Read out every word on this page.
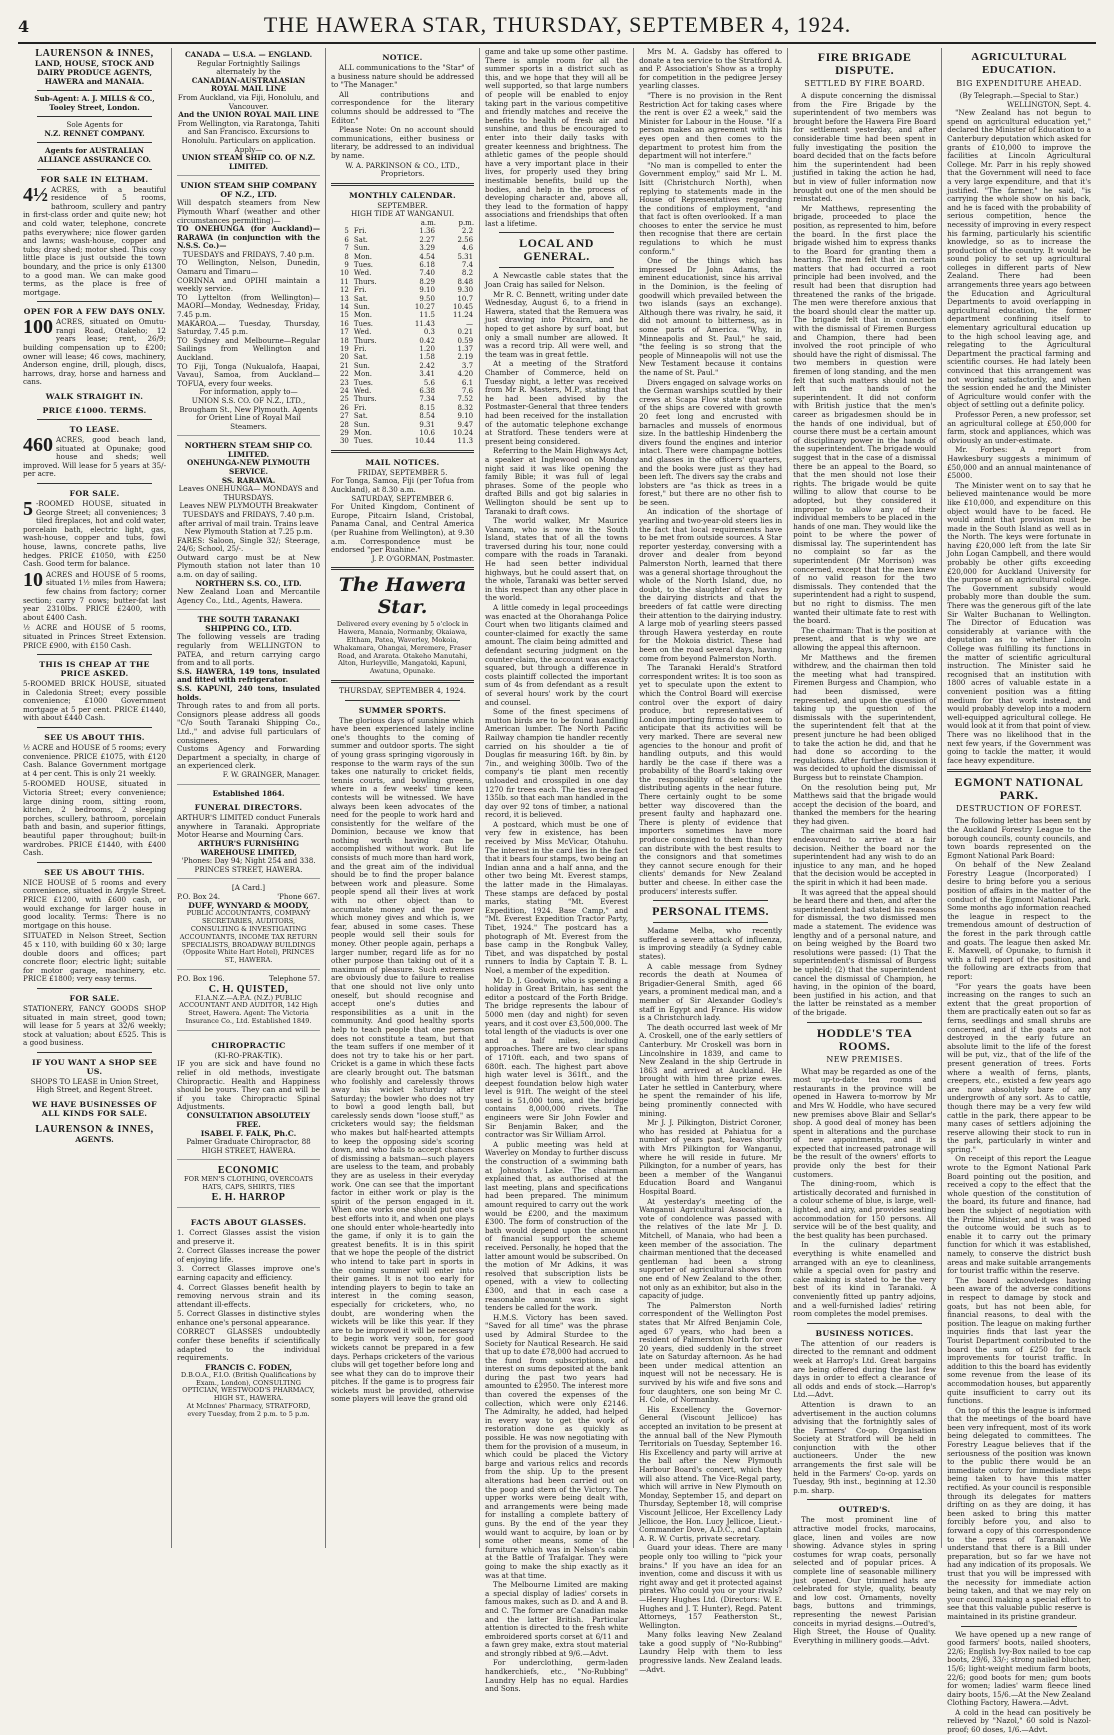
4	THE HAWERA STAR, THURSDAY, SEPTEMBER 4, 1924.
LAURENSON & INNES,
LAND, HOUSE, STOCK AND DAIRY PRODUCE AGENTS,
HAWERA and MANAIA.

Sub-Agent: A. J. MILLS & CO., Tooley Street, London.

Sole Agents for

N.Z. RENNET COMPANY.

Agents for AUSTRALIAN ALLIANCE ASSURANCE CO.

FOR SALE IN ELTHAM.

4½ ACRES, with a beautiful residence of 5 rooms, bathroom, scullery and pantry in first-class order and quite new; hot and cold water, telephone, concrete paths everywhere; nice flower garden and lawns; wash-house, copper and tubs; dray shed; motor shed. This cosy little place is just outside the town boundary, and the price is only £1300 to a good man. We can make good terms, as the place is free of mortgage.

OPEN FOR A FEW DAYS ONLY.

100 ACRES, situated on Omutu-rangi Road, Otakeho; 12 years lease; rent, 26/9; building compensation up to £200; owner will lease; 46 cows, machinery, Anderson engine, drill, plough, discs, harrows, dray, horse and harness and cans.

WALK STRAIGHT IN.
PRICE £1000. TERMS.
TO LEASE.

460 ACRES, good beach land, situated at Opunake; good house and sheds; well improved. Will lease for 5 years at 35/- per acre.

FOR SALE.

5 -ROOMED HOUSE, situated in George Street; all conveniences; 3 tiled fireplaces, hot and cold water, porcelain bath, electric light, gas, wash-house, copper and tubs, fowl house, lawns, concrete paths, live hedges. PRICE £1050, with £250 Cash. Good term for balance.

10 ACRES and HOUSE of 5 rooms, situated 1½ miles from Hawera; few chains from factory; corner section; carry 7 cows; butter-fat last year 2310lbs. PRICE £2400, with about £400 Cash.

½ ACRE and HOUSE of 5 rooms, situated in Princes Street Extension. PRICE £900, with £150 Cash.

THIS IS CHEAP AT THE PRICE ASKED.

5-ROOMED BRICK HOUSE, situated in Caledonia Street; every possible convenience; £1000 Government mortgage at 5 per cent. PRICE £1440, with about £440 Cash.

SEE US ABOUT THIS.

½ ACRE and HOUSE of 5 rooms; every convenience. PRICE £1075, with £120 Cash. Balance Government mortgage at 4 per cent. This is only 21 weekly.

5-ROOMED HOUSE, situated in Victoria Street; every convenience; large dining room, sitting room, kitchen, 2 bedrooms, 2 sleeping porches, scullery, bathroom, porcelain bath and basin, and superior fittings, beautiful paper throughout; built-in wardrobes. PRICE £1440, with £400 Cash.

SEE US ABOUT THIS.

NICE HOUSE of 5 rooms and every convenience, situated in Argyle Street. PRICE £1200, with £600 cash, or would exchange for larger house in good locality. Terms: There is no mortgage on this house.

SITUATED in Nelson Street, Section 45 x 110, with building 60 x 30; large double doors and offices; part concrete floor; electric light; suitable for motor garage, machinery, etc. PRICE £1800; very easy terms.

FOR SALE.

STATIONERY, FANCY GOODS SHOP situated in main street, good town; will lease for 5 years at 32/6 weekly; stock at valuation; about £525. This is a good business.

IF YOU WANT A SHOP SEE US.

SHOPS TO LEASE in Union Street, High Street, and Regent Street.

WE HAVE BUSINESSES OF ALL KINDS FOR SALE.
LAURENSON & INNES,
AGENTS.
CANADA — U.S.A. — ENGLAND.

Regular Fortnightly Sailings alternately by the

CANADIAN-AUSTRALASIAN ROYAL MAIL LINE

From Auckland, via Fiji, Honolulu, and Vancouver.

And the UNION ROYAL MAIL LINE

From Wellington, via Raratonga, Tahiti and San Francisco. Excursions to Honolulu. Particulars on application.

Apply—

UNION STEAM SHIP CO. OF N.Z. LIMITED.

UNION STEAM SHIP COMPANY OF N.Z., LTD.

Will despatch steamers from New Plymouth Wharf (weather and other circumstances permitting)—

TO ONEHUNGA (for Auckland)—RARAWA (in conjunction with the N.S.S. Co.)—

TUESDAYS and FRIDAYS, 7.40 p.m.

TO Wellington, Nelson, Dunedin, Oamaru and Timaru—

CORINNA and OPIHI maintain a weekly service.

TO Lyttelton (from Wellington)—MAORI—Monday, Wednesday, Friday, 7.45 p.m.

MAKAROA.— Tuesday, Thursday, Saturday, 7.45 p.m.

TO Sydney and Melbourne—Regular Sailings from Wellington and Auckland.

TO Fiji, Tonga (Nukualofa, Haapai, Vavau), Samoa, from Auckland—TOFUA, every four weeks.

For information, apply to—

UNION S.S. CO. OF N.Z., LTD., Brougham St., New Plymouth. Agents for Orient Line of Royal Mail Steamers.

NORTHERN STEAM SHIP CO. LIMITED.

ONEHUNGA-NEW PLYMOUTH SERVICE.

SS. RARAWA.

Leaves ONEHUNGA— MONDAYS and THURSDAYS.

Leaves NEW PLYMOUTH Breakwater TUESDAYS and FRIDAYS, 7.40 p.m. after arrival of mail train. Trains leave New Plymouth Station at 7.25 p.m.

FARES: Saloon, Single 32/; Steerage, 24/6; School, 25/-.

Outward cargo must be at New Plymouth station not later than 10 a.m. on day of sailing.

NORTHERN S.S. CO., LTD.

New Zealand Loan and Mercantile Agency Co., Ltd., Agents, Hawera.

THE SOUTH TARANAKI SHIPPING CO., LTD.

The following vessels are trading regularly from WELLINGTON to PATEA, and return carrying cargo from and to all ports.

S.S. HAWERA, 149 tons, insulated and fitted with refrigerator.

S.S. KAPUNI, 240 tons, insulated holds.

Through rates to and from all ports. Consignors please address all goods "C/o South Taranaki Shipping Co., Ltd.," and advise full particulars of consignees.

Customs Agency and Forwarding Department a specialty, in charge of an experienced clerk.

F. W. GRAINGER, Manager.

Established 1864.

FUNERAL DIRECTORS.

ARTHUR'S LIMITED conduct Funerals anywhere in Taranaki. Appropriate Motor Hearse and Mourning Cars.

ARTHUR'S FURNISHING WAREHOUSE LIMITED,

'Phones: Day 94; Night 254 and 338. PRINCES STREET, HAWERA.

[A Card.]

P.O. Box 24.	'Phone 667.
DUFF, WYNYARD & MOODY,

PUBLIC ACCOUNTANTS, COMPANY SECRETARIES, AUDITORS, CONSULTING & INVESTIGATING ACCOUNTANTS, INCOME TAX RETURN SPECIALISTS, BROADWAY BUILDINGS (Opposite White Hart Hotel), PRINCES ST., HAWERA.

P.O. Box 196.	Telephone 57.
C. H. QUISTED,

F.I.A.N.Z.—A.P.A. (N.Z.) PUBLIC ACCOUNTANT AND AUDITOR, 142 High Street, Hawera. Agent: The Victoria Insurance Co., Ltd. Established 1849.

CHIROPRACTIC

(KI-RO-PRAK-TIK).

IF you are sick and have found no relief in old methods, investigate Chiropractic. Health and Happiness should be yours. They can and will be if you take Chiropractic Spinal Adjustments.

CONSULTATION ABSOLUTELY FREE.

ISABEL F. FALK, Ph.C.

Palmer Graduate Chiropractor, 88 HIGH STREET, HAWERA.

ECONOMIC

FOR MEN'S CLOTHING, OVERCOATS HATS, CAPS, SHIRTS, TIES

E. H. HARROP
FACTS ABOUT GLASSES.
1. Correct Glasses assist the vision and preserve it.
2. Correct Glasses increase the power of enjoying life.
3. Correct Glasses improve one's earning capacity and efficiency.
4. Correct Glasses benefit health by removing nervous strain and its attendant ill-effects.
5. Correct Glasses in distinctive styles enhance one's personal appearance.

CORRECT GLASSES undoubtedly confer these benefits if scientifically adapted to the individual requirements.

FRANCIS C. FODEN,

D.B.O.A., F.I.O. (British Qualifications by Exam., London), CONSULTING OPTICIAN, WESTWOOD'S PHARMACY, HIGH ST., HAWERA.

At McInnes' Pharmacy, STRATFORD, every Tuesday, from 2 p.m. to 5 p.m.

NOTICE.

ALL communications to the "Star" of a business nature should be addressed to "The Manager."

All contributions and correspondence for the literary columns should be addressed to "The Editor."

Please Note: On no account should communications, either business or literary, be addressed to an individual by name.

W. A. PARKINSON & CO., LTD., Proprietors.

MONTHLY CALENDAR.

SEPTEMBER.

HIGH TIDE AT WANGANUI.

		a.m.	p.m.
5	Fri.	1.36	2.2
6	Sat.	2.27	2.56
7	Sun.	3.29	4.6
8	Mon.	4.54	5.31
9	Tues.	6.18	7.4
10	Wed.	7.40	8.2
11	Thurs.	8.29	8.48
12	Fri.	9.10	9.30
13	Sat.	9.50	10.7
14	Sun.	10.27	10.45
15	Mon.	11.5	11.24
16	Tues.	11.43	—
17	Wed.	0.3	0.21
18	Thurs.	0.42	0.59
19	Fri.	1.20	1.37
20	Sat.	1.58	2.19
21	Sun.	2.42	3.7
22	Mon.	3.41	4.20
23	Tues.	5.6	6.1
24	Wed.	6.38	7.6
25	Thurs.	7.34	7.52
26	Fri.	8.15	8.32
27	Sat.	8.54	9.10
28	Sun.	9.31	9.47
29	Mon.	10.6	10.24
30	Tues.	10.44	11.3
MAIL NOTICES.

FRIDAY, SEPTEMBER 5.

For Tonga, Samoa, Fiji (per Tofua from Auckland), at 8.30 a.m.

SATURDAY, SEPTEMBER 6.

For United Kingdom, Continent of Europe, Pitcairn Island, Cristobal, Panama Canal, and Central America (per Ruahine from Wellington), at 9.30 a.m. Correspondence must be endorsed "per Ruahine."

J. P. O'GORMAN, Postmaster.

The Hawera Star.

Delivered every evening by 5 o'clock in Hawera, Manaia, Normanby, Okaiawa, Eltham, Patea, Waverley, Mokoia, Whakamara, Ohangai, Meremere, Fraser Road, and Ararata. Otakeho Manutahi, Alton, Hurleyville, Mangatoki, Kapuni, Awatuna, Opunake.

THURSDAY, SEPTEMBER 4, 1924.

SUMMER SPORTS.

The glorious days of sunshine which have been experienced lately incline one's thoughts to the coming of summer and outdoor sports. The sight of young grass springing vigorously in response to the warm rays of the sun takes one naturally to cricket fields, tennis courts, and bowling greens, where in a few weeks' time keen contests will be witnessed. We have always been keen advocates of the need for the people to work hard and consistently for the welfare of the Dominion, because we know that nothing worth having can be accomplished without work. But life consists of much more than hard work, and the great aim of the individual should be to find the proper balance between work and pleasure. Some people spend all their lives at work with no other object than to accumulate money and the power which money gives and which is, we fear, abused in some cases. These people would sell their souls for money. Other people again, perhaps a larger number, regard life as for no other purpose than taking out of it a maximum of pleasure. Such extremes are obviously due to failure to realise that one should not live only unto oneself, but should recognise and accept one's duties and responsibilities as a unit in the community. And good healthy sports help to teach people that one person does not constitute a team, but that the team suffers if one member of it does not try to take his or her part. Cricket is a game in which these facts are clearly brought out. The batsman who foolishly and carelessly throws away his wicket Saturday after Saturday; the bowler who does not try to bowl a good length ball, but carelessly sends down "loose stuff," as cricketers would say; the fieldsman who makes but half-hearted attempts to keep the opposing side's scoring down, and who fails to accept chances of dismissing a batsman—such players are useless to the team, and probably they are as useless in their everyday work. One can see that the important factor in either work or play is the spirit of the person engaged in it. When one works one should put one's best efforts into it, and when one plays one should enter whole-heartedly into the game, if only it is to gain the greatest benefits. It is in this spirit that we hope the people of the district who intend to take part in sports in the coming summer will enter into their games. It is not too early for intending players to begin to take an interest in the coming season, especially for cricketers, who, no doubt, are wondering when the wickets will be like this year. If they are to be improved it will be necessary to begin work very soon, for good wickets cannot be prepared in a few days. Perhaps cricketers of the various clubs will get together before long and see what they can do to improve their pitches. If the game is to progress fair wickets must be provided, otherwise some players will leave the grand old

game and take up some other pastime. There is ample room for all the summer sports in a district such as this, and we hope that they will all be well supported, so that large numbers of people will be enabled to enjoy taking part in the various competitive and friendly matches and receive the benefits to health of fresh air and sunshine, and thus be encouraged to enter into their daily tasks with greater keenness and brightness. The athletic games of the people should have a very important place in their lives, for properly used they bring inestimable benefits, build up the bodies, and help in the process of developing character and, above all, they lead to the formation of happy associations and friendships that often last a lifetime.

LOCAL AND GENERAL.

A Newcastle cable states that the Joan Craig has sailed for Nelson.

Mr R. C. Bennett, writing under date Wednesday, August 6, to a friend in Hawera, stated that the Remuera was just drawing into Pitcairn, and he hoped to get ashore by surf boat, but only a small number are allowed. It was a record trip. All were well, and the team was in great fettle.

At a meeting of the Stratford Chamber of Commerce, held on Tuesday night, a letter was received from Mr R. Masters, M.P., stating that he had been advised by the Postmaster-General that three tenders had been received for the installation of the automatic telephone exchange at Stratford. These tenders were at present being considered.

Referring to the Main Highways Act, a speaker at Inglewood on Monday night said it was like opening the family Bible; it was full of legal phrases. Some of the people who drafted Bills and got big salaries in Wellington should be sent up to Taranaki to draft cows.

The world walker, Mr Maurice Vancam, who is now in the South Island, states that of all the towns traversed during his tour, none could compare with the roads in Taranaki. He had seen better individual highways, but he could assert that, on the whole, Taranaki was better served in this respect than any other place in the world.

A little comedy in legal proceedings was enacted at the Ohorahanga Police Court when two litigants claimed and counter-claimed for exactly the same amount. The claim being admitted and defendant securing judgment on the counter-claim, the account was exactly squared, but through a difference in costs plaintiff collected the important sum of 4s from defendant as a result of several hours' work by the court and counsel.

Some of the finest specimens of mutton birds are to be found handling American lumber. The North Pacific Railway champion tie handler recently carried on his shoulder a tie of Douglas fir measuring 16ft. by 8in. by 7in., and weighing 300lb. Two of the company's tie plant men recently unloaded and crosspiled in one day 1270 fir trees each. The ties averaged 135lb. so that each man handled in the day over 92 tons of timber, a national record, it is believed.

A postcard, which must be one of very few in existence, has been received by Miss McVicar, Otahuhu. The interest in the card lies in the fact that it bears four stamps, two being an Indian anna and a half anna, and the other two being Mt. Everest stamps, the latter made in the Himalayas. These stamps are defaced by postal marks, stating "Mt. Everest Expedition, 1924. Base Camp," and "Mt. Everest Expedition Tractor Party, Tibet, 1924." The postcard has a photograph of Mt. Everest from the base camp in the Rongbuk Valley, Tibet, and was dispatched by postal runners to India by Captain T. B. L. Noel, a member of the expedition.

Mr D. J. Goodwin, who is spending a holiday in Great Britain, has sent the editor a postcard of the Forth Bridge. The bridge represents the labour of 5000 men (day and night) for seven years, and it cost over £3,500,000. The total length of the viaducts is over one and a half miles, including approaches. There are two clear spans of 1710ft. each, and two spans of 680ft. each. The highest part above high water level is 361ft., and the deepest foundation below high water level is 91ft. The weight of the steel used is 51,000 tons, and the bridge contains 8,000,000 rivets. The engineers were Sir John Fowler and Sir Benjamin Baker, and the contractor was Sir William Arrol.

A public meeting was held at Waverley on Monday to further discuss the construction of a swimming bath at Johnston's Lake. The chairman explained that, as authorised at the last meeting, plans and specifications had been prepared. The minimum amount required to carry out the work would be £200, and the maximum £300. The form of construction of the bath would depend upon the amount of financial support the scheme received. Personally, he hoped that the latter amount would be subscribed. On the motion of Mr Adkins, it was resolved that subscription lists be opened, with a view to collecting £300, and that in each case a reasonable amount was in sight tenders be called for the work.

H.M.S. Victory has been saved. "Saved for all time" was the phrase used by Admiral Sturdee to the Society for Nautical Research. He said that up to date £78,000 had accrued to the fund from subscriptions, and interest on sums deposited at the bank during the past two years had amounted to £2950. The interest more than covered the expenses of the collection, which were only £2146. The Admiralty, he added, had helped in every way to get the work of restoration done as quickly as possible. He was now negotiating with them for the provision of a museum, in which could be placed the Victory barge and various relics and records from the ship. Up to the present alterations had been carried out on the poop and stern of the Victory. The upper works were being dealt with, and arrangements were being made for installing a complete battery of guns. By the end of the year they would want to acquire, by loan or by some other means, some of the furniture which was in Nelson's cabin at the Battle of Trafalgar. They were going to make the ship exactly as it was at that time.

The Melbourne Limited are making a special display of ladies' corsets in famous makes, such as D. and A and B. and C. The former are Canadian make and the latter British. Particular attention is directed to the fresh white embroidered sports corset at 6/11 and a fawn grey make, extra stout material and strongly ribbed at 9/6.—Advt.

For underclothing, germ-laden handkerchiefs, etc., "No-Rubbing" Laundry Help has no equal. Hardies and Sons.

Mrs M. A. Gadsby has offered to donate a tea service to the Stratford A. and P. Association's Show as a trophy for competition in the pedigree Jersey yearling classes.

"There is no provision in the Rent Restriction Act for taking cases where the rent is over £2 a week," said the Minister for Labour in the House. "If a person makes an agreement with his eyes open and then comes to the department to protest him from the department will not interfere."

"No man is compelled to enter the Government employ," said Mr L. M. Isitt (Christchurch North), when replying to statements made in the House of Representatives regarding the conditions of employment, "and that fact is often overlooked. If a man chooses to enter the service he must then recognise that there are certain regulations to which he must conform."

One of the things which has impressed Dr John Adams, the eminent educationist, since his arrival in the Dominion, is the feeling of goodwill which prevailed between the two islands (says an exchange). Although there was rivalry, he said, it did not amount to bitterness, as in some parts of America. "Why, in Minneapolis and St. Paul," he said, "the feeling is so strong that the people of Minneapolis will not use the New Testament because it contains the name of St. Paul."

Divers engaged on salvage works on the German warships scuttled by their crews at Scapa Flow state that some of the ships are covered with growth 20 feet long and encrusted with barnacles and mussels of enormous size. In the battleship Hindenberg the divers found the engines and interior intact. There were champagne bottles and glasses in the officers' quarters, and the books were just as they had been left. The divers say the crabs and lobsters are "as thick as trees in a forest," but there are no other fish to be seen.

An indication of the shortage of yearling and two-year-old steers lies in the fact that local requirements have to be met from outside sources. A Star reporter yesterday, conversing with a drover and dealer from beyond Palmerston North, learned that there was a general shortage throughout the whole of the North Island, due, no doubt, to the slaughter of calves by the dairying districts and that the breeders of fat cattle were directing their attention to the dairying industry. A large mob of yearling steers passed through Hawera yesterday en route for the Mokoia district. These had been on the road several days, having come from beyond Palmerston North.

The Taranaki Herald's Stratford correspondent writes: It is too soon as yet to speculate upon the extent to which the Control Board will exercise control over the export of dairy produce, but representatives of London importing firms do not seem to anticipate that its activities will be very marked. There are several new agencies to the honour and profit of handling outputs, and this would hardly be the case if there was a probability of the Board's taking over the responsibility of selecting the distributing agents in the near future. There certainly ought to be some better way discovered than the present faulty and haphazard one. There is plenty of evidence that importers sometimes have more produce consigned to them than they can distribute with the best results to the consignors and that sometimes they cannot secure enough for their clients' demands for New Zealand butter and cheese. In either case the producers' interests suffer.

PERSONAL ITEMS.

Madame Melba, who recently suffered a severe attack of influenza, is improving steadily (a Sydney cable states).

A cable message from Sydney records the death at Noumea of Brigadier-General Smith, aged 66 years, a prominent medical man, and a member of Sir Alexander Godley's staff in Egypt and France. His widow is a Christchurch lady.

The death occurred last week of Mr A. Croskell, one of the early settlers of Canterbury. Mr Croskell was born in Lincolnshire in 1839, and came to New Zealand in the ship Gertrude in 1863 and arrived at Auckland. He brought with him three prize ewes. Later he settled in Canterbury, where he spent the remainder of his life, being prominently connected with mining.

Mr J. J. Pilkington, District Coroner, who has resided at Pahiatua for a number of years past, leaves shortly with Mrs Pilkington for Wanganui, where he will reside in future. Mr Pilkington, for a number of years, has been a member of the Wanganui Education Board and Wanganui Hospital Board.

At yesterday's meeting of the Wanganui Agricultural Association, a vote of condolence was passed with the relatives of the late Mr J. D. Mitchell, of Manaia, who had been a keen member of the association. The chairman mentioned that the deceased gentleman had been a strong supporter of agricultural shows from one end of New Zealand to the other, not only as an exhibitor, but also in the capacity of judge.

The Palmerston North correspondent of the Wellington Post states that Mr Alfred Benjamin Cole, aged 67 years, who had been a resident of Palmerston North for over 20 years, died suddenly in the street late on Saturday afternoon. As he had been under medical attention an inquest will not be necessary. He is survived by his wife and five sons and four daughters, one son being Mr C. H. Cole, of Normanby.

His Excellency the Governor-General (Viscount Jellicoe) has accepted an invitation to be present at the annual ball of the New Plymouth Territorials on Tuesday, September 16. His Excellency and party will arrive at the ball after the New Plymouth Harbour Board's concert, which they will also attend. The Vice-Regal party, which will arrive in New Plymouth on Monday, September 15, and depart on Thursday, September 18, will comprise Viscount Jellicoe, Her Excellency Lady Jellicoe, the Hon. Lucy Jellicoe, Lieut.-Commander Dove, A.D.C., and Captain A. R. W. Curtis, private secretary.

Guard your ideas. There are many people only too willing to "pick your brains." If you have an idea for an invention, come and discuss it with us right away and get it protected against pirates. Who could you or your rivals?—Henry Hughes Ltd. (Directors: W. E. Hughes and J. T. Hunter), Regd. Patent Attorneys, 157 Featherston St., Wellington.

Many folks leaving New Zealand take a good supply of "No-Rubbing" Laundry Help with them to less progressive lands. New Zealand leads.—Advt.

FIRE BRIGADE DISPUTE.
SETTLED BY FIRE BOARD.

A dispute concerning the dismissal from the Fire Brigade by the superintendent of two members was brought before the Hawera Fire Board for settlement yesterday, and after considerable time had been spent in fully investigating the position the board decided that on the facts before him the superintendent had been justified in taking the action he had, but in view of fuller information now brought out one of the men should be reinstated.

Mr Matthews, representing the brigade, proceeded to place the position, as represented to him, before the board. In the first place the brigade wished him to express thanks to the Board for granting them a hearing. The men felt that in certain matters that had occurred a root principle had been involved, and the result had been that disruption had threatened the ranks of the brigade. The men were therefore anxious that the board should clear the matter up. The brigade felt that in connection with the dismissal of Firemen Burgess and Champion, there had been involved the root principle of who should have the right of dismissal. The two members in question were firemen of long standing, and the men felt that such matters should not be left in the hands of the superintendent. It did not conform with British justice that the men's career as brigadesmen should be in the hands of one individual, but of course there must be a certain amount of disciplinary power in the hands of the superintendent. The brigade would suggest that in the case of a dismissal there be an appeal to the Board, so that the men should not lose their rights. The brigade would be quite willing to allow that course to be adopted, but they considered it improper to allow any of their individual members to be placed in the hands of one man. They would like the point to be where the power of dismissal lay. The superintendent has no complaint so far as the superintendent (Mr Morrison) was concerned, except that the men knew of no valid reason for the two dismissals. They contended that the superintendent had a right to suspend, but no right to dismiss. The men wanted their ultimate fate to rest with the board.

The chairman: That is the position at present, and that is why we are allowing the appeal this afternoon.

Mr Matthews and the firemen withdrew, and the chairman then told the meeting what had transpired. Firemen Burgess and Champion, who had been dismissed, were represented, and upon the question of taking up the question of the dismissals with the superintendent, the superintendent felt that at the present juncture he had been obliged to take the action he did, and that he had done so according to the regulations. After further discussion it was decided to uphold the dismissal of Burgess but to reinstate Champion.

On the resolution being put, Mr Matthews said that the brigade would accept the decision of the board, and thanked the members for the hearing they had given.

The chairman said the board had endeavoured to arrive at a fair decision. Neither the board nor the superintendent had any wish to do an injustice to any man, and he hoped that the decision would be accepted in the spirit in which it had been made.

It was agreed that the appeal should be heard there and then, and after the superintendent had stated his reasons for dismissal, the two dismissed men made a statement. The evidence was lengthy and of a personal nature, and on being weighed by the Board two resolutions were passed: (1) That the superintendent's dismissal of Burgess be upheld; (2) that the superintendent cancel the dismissal of Champion, he having, in the opinion of the board, been justified in his action, and that the latter be reinstated as a member of the brigade.

HODDLE'S TEA ROOMS.
NEW PREMISES.

What may be regarded as one of the most up-to-date tea rooms and restaurants in the province will be opened in Hawera to-morrow by Mr and Mrs W. Hoddle, who have secured new premises above Blair and Sellar's shop. A good deal of money has been spent in alterations and the purchase of new appointments, and it is expected that increased patronage will be the result of the owners' efforts to provide only the best for their customers.

The dining-room, which is artistically decorated and furnished in a colour scheme of blue, is large, well-lighted, and airy, and provides seating accommodation for 150 persons. All service will be of the best quality, and the best quality has been purchased.

In the culinary department everything is white enamelled and arranged with an eye to cleanliness, while a special oven for pastry and cake making is stated to be the very best of its kind in Taranaki. A conveniently fitted up pantry adjoins, and a well-furnished ladies' retiring room completes the model premises.

BUSINESS NOTICES.

The attention of our readers is directed to the remnant and oddment week at Harrop's Ltd. Great bargains are being offered during the last few days in order to effect a clearance of all odds and ends of stock.—Harrop's Ltd.—Advt.

Attention is drawn to an advertisement in the auction columns advising that the fortnightly sales of the Farmers' Co-op. Organisation Society at Stratford will be held in conjunction with the other auctioneers. Under the new arrangements the first sale will be held in the Farmers' Co-op. yards on Tuesday, 9th inst., beginning at 12.30 p.m. sharp.

OUTRED'S.

The most prominent line of attractive model frocks, marocains, glace, linen and voiles are now showing. Advance styles in spring costumes for wrap coats, personally selected and of popular prices. A complete line of seasonable millinery just opened. Our trimmed hats are celebrated for style, quality, beauty and low cost. Ornaments, novelty bags, buttons and trimmings, representing the newest Parisian conceits in myriad designs.—Outred's, High Street, the House of Quality. Everything in millinery goods.—Advt.

AGRICULTURAL EDUCATION.
BIG EXPENDITURE AHEAD.

(By Telegraph.—Special to Star.)

WELLINGTON, Sept. 4.

"New Zealand has not begun to spend on agricultural education yet," declared the Minister of Education to a Canterbury deputation which asked for grants of £10,000 to improve the facilities at Lincoln Agricultural College. Mr. Parr in his reply showed that the Government will need to face a very large expenditure, and that it's justified. "The farmer," he said, "is carrying the whole show on his back, and he is faced with the probability of serious competition, hence the necessity of improving in every respect his farming, particularly his scientific knowledge, so as to increase the production of the country. It would be sound policy to set up agricultural colleges in different parts of New Zealand. There had been arrangements three years ago between the Education and Agricultural Departments to avoid overlapping in agricultural education, the former department confining itself to elementary agricultural education up to the high school leaving age, and relegating to the Agricultural Department the practical farming and scientific courses. He had lately been convinced that this arrangement was not working satisfactorily, and when the session ended he and the Minister of Agriculture would confer with the object of settling out a definite policy.

Professor Peren, a new professor, set an agricultural college at £50,000 for farm, stock and appliances, which was obviously an under-estimate.

Mr. Forbes: A report from Hawkesbury suggests a minimum of £50,000 and an annual maintenance of £5000.

The Minister went on to say that he believed maintenance would be more like £10,000, and expenditure on this object would have to be faced. He would admit that provision must be made in the South Island as well as in the North. The keys were fortunate in having £20,000 left from the late Sir John Logan Campbell, and there would probably be other gifts exceeding £20,000 for Auckland University for the purpose of an agricultural college. The Government subsidy would probably more than double the sum. There was the generous gift of the late Sir Walter Buchanan to Wellington. The Director of Education was considerably at variance with the deputation as to whether Lincoln College was fulfilling its functions in the matter of scientific agricultural instruction. The Minister said he recognised that an institution with 1800 acres of valuable estate in a convenient position was a fitting medium for that work instead, and would probably develop into a modern well-equipped agricultural college. He would look at it from that point of view. There was no likelihood that in the next few years, if the Government was going to tackle the matter, it would face heavy expenditure.

EGMONT NATIONAL PARK.
DESTRUCTION OF FOREST.

The following letter has been sent by the Auckland Forestry League to the borough councils, county councils, and town boards represented on the Egmont National Park Board:

On behalf of the New Zealand Forestry League (Incorporated) I desire to bring before you a serious position of affairs in the matter of the conduct of the Egmont National Park. Some months ago information reached the league in respect to the tremendous amount of destruction of the forest in the park through cattle and goats. The league then asked Mr. E. Maxwell, of Opunake, to furnish it with a full report of the position, and the following are extracts from that report:

"For years the goats have been increasing on the ranges to such an extent that the great proportion of them are practically eaten out so far as ferns, seedlings and small shrubs are concerned, and if the goats are not destroyed in the early future an absolute limit to the life of the forest will be put, viz., that of the life of the present generation of trees. Forts where a wealth of ferns, plants, creepers, etc., existed a few years ago are now absolutely bare of any undergrowth of any sort. As to cattle, though there may be a very few wild cattle in the park, there appear to be many cases of settlers adjoining the reserve allowing their stock to run in the park, particularly in winter and spring."

On receipt of this report the League wrote to the Egmont National Park Board pointing out the position, and received a copy to the effect that the whole question of the constitution of the board, its future and finance, had been the subject of negotiation with the Prime Minister, and it was hoped the outcome would be such as to enable it to carry out the primary function for which it was established, namely, to conserve the district bush areas and make suitable arrangements for tourist traffic within the reserve.

The board acknowledges having been aware of the adverse conditions in respect to damage by stock and goats, but has not been able, for financial reasons, to deal with the position. The league on making further inquiries finds that last year the Tourist Department contributed to the board the sum of £250 for track improvements for tourist traffic. In addition to this the board has evidently some revenue from the lease of its accommodation houses, but apparently quite insufficient to carry out its functions.

On top of this the league is informed that the meetings of the board have been very infrequent, most of its work being delegated to committees. The Forestry League believes that if the seriousness of the position was known to the public there would be an immediate outcry for immediate steps being taken to have this matter rectified. As your council is responsible through its delegates for matters drifting on as they are doing, it has been asked to bring this matter forcibly before you, and also to forward a copy of this correspondence to the press of Taranaki. We understand that there is a Bill under preparation, but so far we have not had any indication of its proposals. We trust that you will be impressed with the necessity for immediate action being taken, and that we may rely on your council making a special effort to see that this valuable public reserve is maintained in its pristine grandeur.

We have opened up a new range of good farmers' boots, nailed shooters, 22/6; English Ivy-Box nailed to toe cap boots, 29/6, 33/-; strong nailed blucher, 15/6; light-weight medium farm boots, 22/6; good boots for men; gum boots for women; ladies' warm fleece lined dairy boots, 15/6.—At the New Zealand Clothing Factory, Hawera.—Advt.

A cold in the head can positively be relieved by "Nazol," 60 sold is Nazol-proof; 60 doses, 1/6.—Advt.
